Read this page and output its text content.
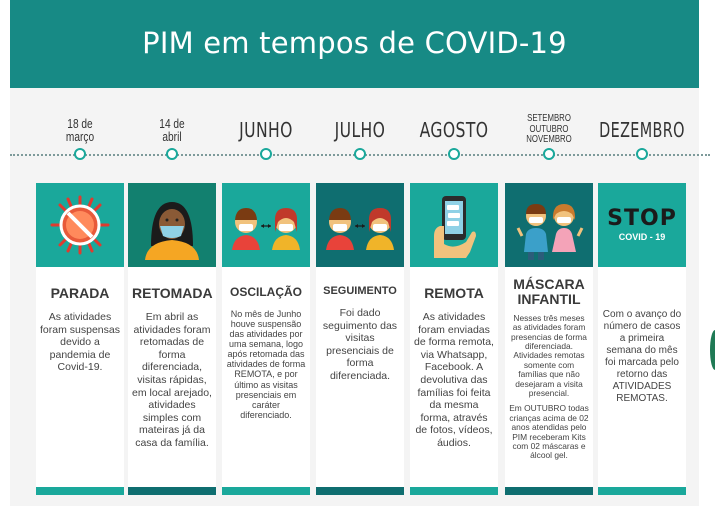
PIM em tempos de COVID-19
18 de
março
PARADA

As atividades foram suspensas devido a pandemia de Covid-19.

14 de
abril
RETOMADA

Em abril as atividades foram retomadas de forma diferenciada, visitas rápidas, em local arejado, atividades simples com mateiras já da casa da família.

JUNHO
OSCILAÇÃO

No mês de Junho houve suspensão das atividades por uma semana, logo após retomada das atividades de forma REMOTA, e por último as visitas presenciais em caráter diferenciado.

JULHO
SEGUIMENTO

Foi dado seguimento das visitas presenciais de forma diferenciada.

AGOSTO
REMOTA

As atividades foram enviadas de forma remota, via Whatsapp, Facebook. A devolutiva das famílias foi feita da mesma forma, através de fotos, vídeos, áudios.

SETEMBRO
OUTUBRO
NOVEMBRO
MÁSCARA
INFANTIL

Nesses três meses as atividades foram presencias de forma diferenciada. Atividades remotas somente com famílias que não desejaram a visita presencial.

Em OUTUBRO todas crianças acima de 02 anos atendidas pelo PIM receberam Kits com 02 máscaras e álcool gel.

DEZEMBRO
STOP
COVID - 19

Com o avanço do número de casos a primeira semana do mês foi marcada pelo retorno das ATIVIDADES REMOTAS.
